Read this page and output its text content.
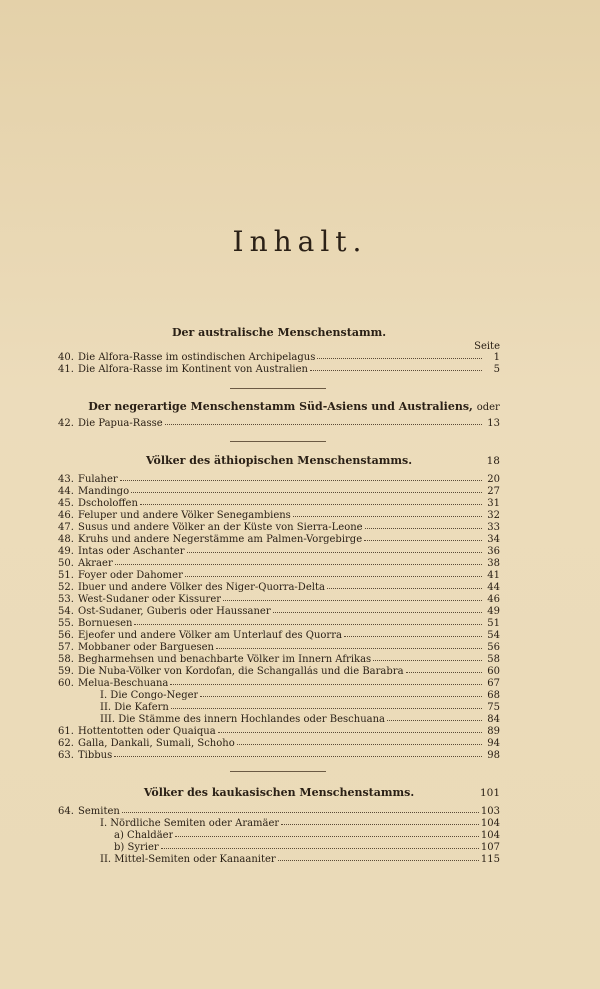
Inhalt.
Der australische Menschenstamm.
Seite
40. Die Alfora-Rasse im ostindischen Archipelagus	1
41. Die Alfora-Rasse im Kontinent von Australien	5
Der negerartige Menschenstamm Süd-Asiens und Australiens, oder
42. Die Papua-Rasse	13
Völker des äthiopischen Menschenstamms.	18
43. Fulaher	20
44. Mandingo	27
45. Dscholoffen	31
46. Feluper und andere Völker Senegambiens	32
47. Susus und andere Völker an der Küste von Sierra-Leone	33
48. Kruhs und andere Negerstämme am Palmen-Vorgebirge	34
49. Intas oder Aschanter	36
50. Akraer	38
51. Foyer oder Dahomer	41
52. Ibuer und andere Völker des Niger-Quorra-Delta	44
53. West-Sudaner oder Kissurer	46
54. Ost-Sudaner, Guberis oder Haussaner	49
55. Bornuesen	51
56. Ejeofer und andere Völker am Unterlauf des Quorra	54
57. Mobbaner oder Barguesen	56
58. Begharmehsen und benachbarte Völker im Innern Afrikas	58
59. Die Nuba-Völker von Kordofan, die Schangallás und die Barabra	60
60. Melua-Beschuana	67
I. Die Congo-Neger	68
II. Die Kafern	75
III. Die Stämme des innern Hochlandes oder Beschuana	84
61. Hottentotten oder Quaiqua	89
62. Galla, Dankali, Sumali, Schoho	94
63. Tibbus	98
Völker des kaukasischen Menschenstamms.	101
64. Semiten	103
I. Nördliche Semiten oder Aramäer	104
a) Chaldäer	104
b) Syrier	107
II. Mittel-Semiten oder Kanaaniter	115
